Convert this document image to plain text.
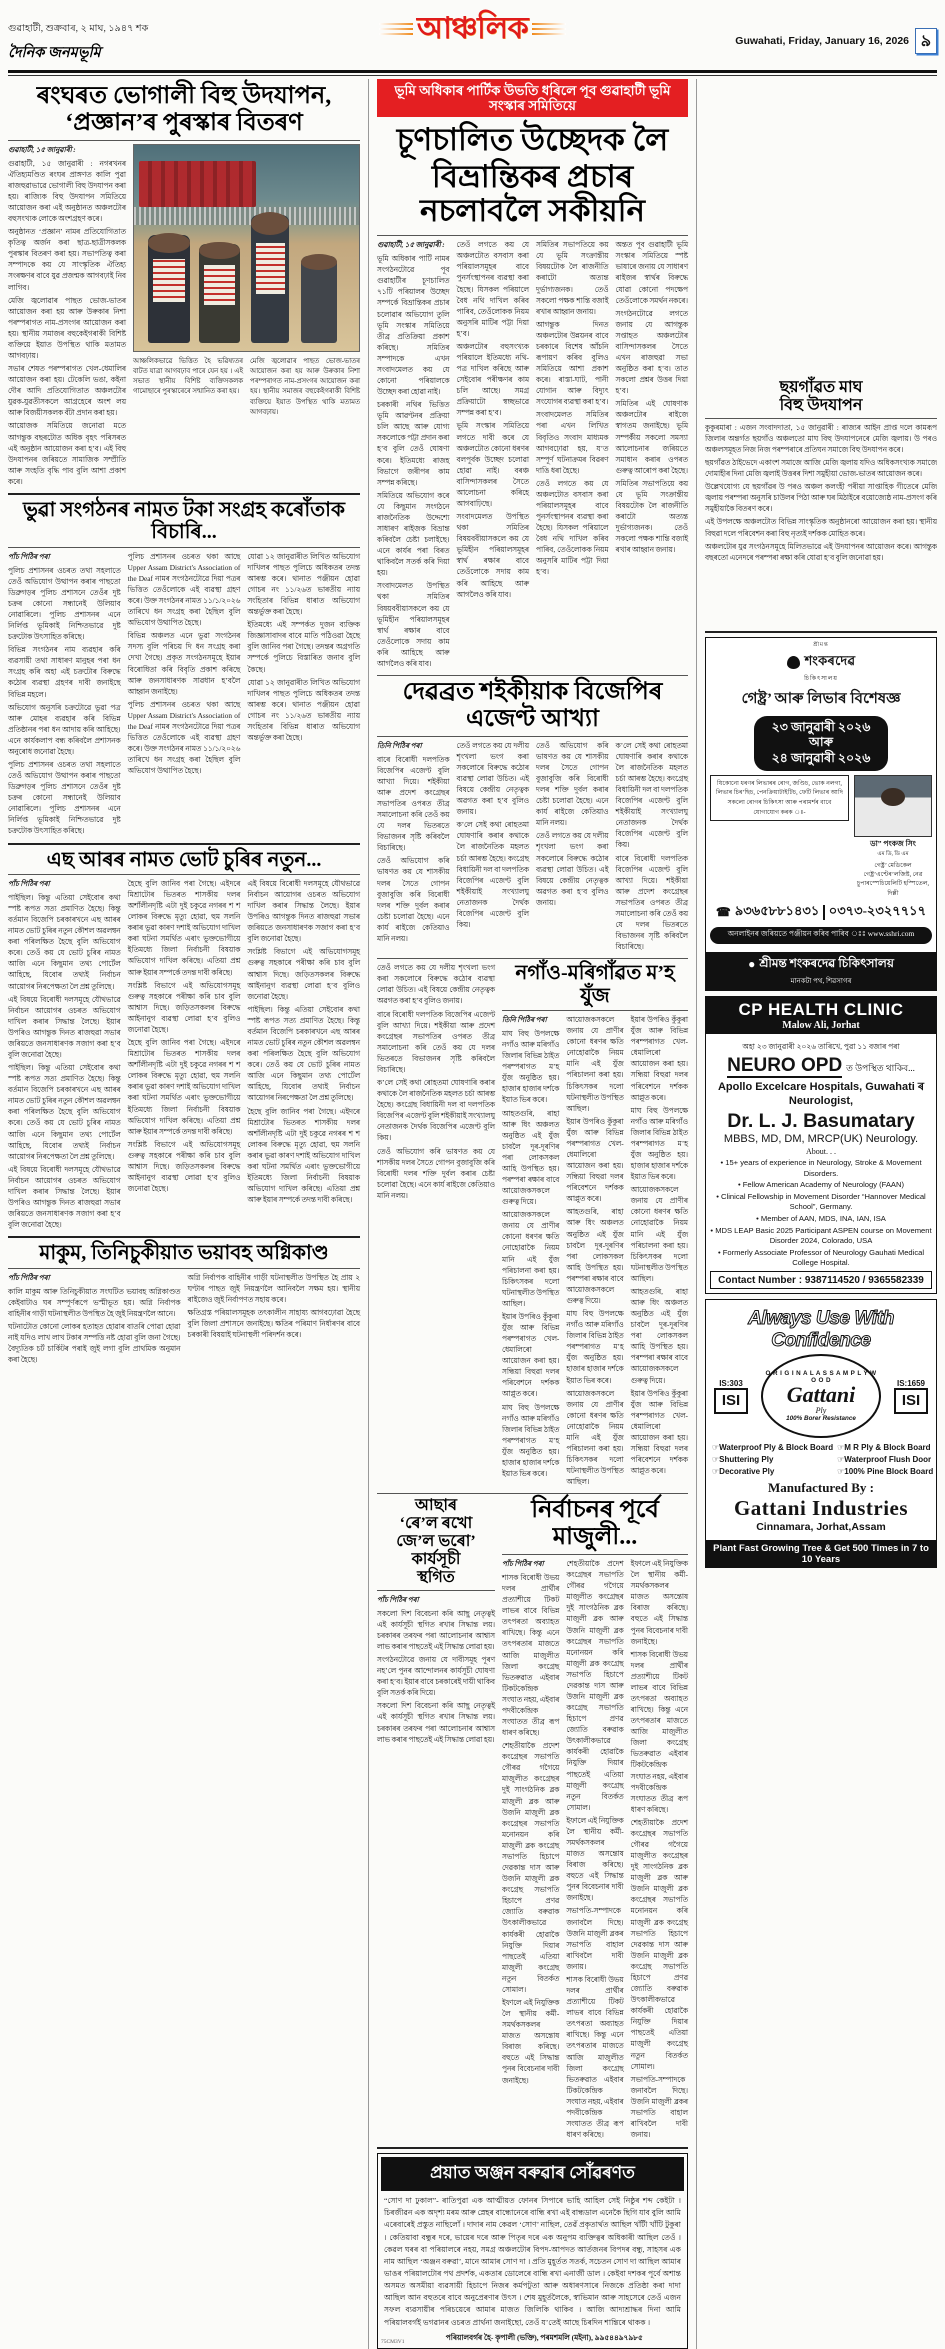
গুৱাহাটী, শুক্ৰবাৰ, ২ মাঘ, ১৯৪৭ শক
দৈনিক জনমভূমি
আঞ্চলিক	Guwahati, Friday, January 16, 2026 ৯
ৰংঘৰত ভোগালী বিহু উদযাপন, ‘প্ৰজ্ঞান’ৰ পুৰস্কাৰ বিতৰণ

গুৱাহাটী, ১৫ জানুৱাৰী :

গুৱাহাটী, ১৫ জানুৱাৰী : নগৰখনৰ ঐতিহ্যমণ্ডিত ৰংঘৰ প্ৰাঙ্গণত কালি পুৱা ৰাজহুৱাভাৱে ভোগালী বিহু উদযাপন কৰা হয়। ৰাজ্যিক বিহু উদযাপন সমিতিয়ে আয়োজন কৰা এই অনুষ্ঠানত অঞ্চলটোৰ বহুসংখ্যক লোকে অংশগ্ৰহণ কৰে।

অনুষ্ঠানত ‘প্ৰজ্ঞান’ নামৰ প্ৰতিযোগিতাত কৃতিত্ব অৰ্জন কৰা ছাত্ৰ-ছাত্ৰীসকলক পুৰস্কাৰ বিতৰণ কৰা হয়। সভাপতিত্ব কৰা সম্পাদকে কয় যে সাংস্কৃতিক ঐতিহ্য সংৰক্ষণৰ বাবে যুৱ প্ৰজন্মক আগবঢ়াই নিব লাগিব।

মেজি জ্বলোৱাৰ পাছত ভোজ-ভাতৰ আয়োজন কৰা হয় আৰু উৰুকাৰ নিশা পৰম্পৰাগত নাম-প্ৰসংগৰ আয়োজন কৰা হয়। স্থানীয় সমাজৰ বহুকেইগৰাকী বিশিষ্ট ব্যক্তিয়ে ইয়াত উপস্থিত থাকি মতামত আগবঢ়ায়।

সভাৰ শেষত পৰম্পৰাগত খেল-ধেমালিৰ আয়োজন কৰা হয়। টেকেলি ভঙা, কইনা দৌৰ আদি প্ৰতিযোগিতাত অঞ্চলটোৰ যুৱক-যুৱতীসকলে আগ্ৰহেৰে অংশ লয় আৰু বিজয়ীসকলক বঁটা প্ৰদান কৰা হয়।

আয়োজক সমিতিয়ে জনোৱা মতে আগন্তুক বছৰটোত অধিক বৃহৎ পৰিসৰত এই অনুষ্ঠান আয়োজন কৰা হ’ব। এই বিহু উদযাপনৰ জৰিয়তে সামাজিক সম্প্ৰীতি আৰু সংহতি বৃদ্ধি পাব বুলি আশা প্ৰকাশ কৰে।

আঞ্চলিকভাৱে ভিত্তিত হৈ ভৱিষ্যতৰ বাটত যাত্ৰা আগবঢ়াব পাৰে যেন হয় । এই সভাত স্থানীয় বিশিষ্ট ব্যক্তিসকলক গামোছাৰে পুৰস্কাৰেৰে সন্মানিত কৰা হয়।
মেজি জ্বলোৱাৰ পাছত ভোজ-ভাতৰ আয়োজন কৰা হয় আৰু উৰুকাৰ নিশা পৰম্পৰাগত নাম-প্ৰসংগৰ আয়োজন কৰা হয়। স্থানীয় সমাজৰ বহুকেইগৰাকী বিশিষ্ট ব্যক্তিয়ে ইয়াত উপস্থিত থাকি মতামত আগবঢ়ায়।
ভুৱা সংগঠনৰ নামত টকা সংগ্ৰহ কৰোঁতাক বিচাৰি...

পাঁচ পিঠিৰ পৰা

পুলিচ প্ৰশাসনৰ ওচৰত তথা সহলাতে তেওঁ অভিযোগ উত্থাপন কৰাৰ পাছতো ডিব্ৰুগড়ৰ পুলিচ প্ৰশাসনে তেওঁৰ দুষ্ট চক্ৰৰ কোনো সন্ধানেই উলিয়াব নোৱাৰিলে। পুলিচ প্ৰশাসনৰ এনে নিৰ্লিপ্ত ভূমিকাই নিশ্চিতভাৱে দুষ্ট চক্ৰটোক উৎসাহিত কৰিছে।

বিভিন্ন সংগঠনৰ নাম ব্যৱহাৰ কৰি ব্যৱসায়ী তথা সাধাৰণ মানুহৰ পৰা ধন সংগ্ৰহ কৰি অহা এই চক্ৰটোৰ বিৰুদ্ধে কঠোৰ ব্যৱস্থা গ্ৰহণৰ দাবী জনাইছে বিভিন্ন মহলে।

অভিযোগ অনুসৰি চক্ৰটোৱে ভুৱা পত্ৰ আৰু মোহৰ ব্যৱহাৰ কৰি বিভিন্ন প্ৰতিষ্ঠানৰ পৰা ধন আদায় কৰি আহিছে। এনে কাৰ্যকলাপ বন্ধ কৰিবলৈ প্ৰশাসনক অনুৰোধ জনোৱা হৈছে।

পুলিচ প্ৰশাসনৰ ওচৰত তথা সহলাতে তেওঁ অভিযোগ উত্থাপন কৰাৰ পাছতো ডিব্ৰুগড়ৰ পুলিচ প্ৰশাসনে তেওঁৰ দুষ্ট চক্ৰৰ কোনো সন্ধানেই উলিয়াব নোৱাৰিলে। পুলিচ প্ৰশাসনৰ এনে নিৰ্লিপ্ত ভূমিকাই নিশ্চিতভাৱে দুষ্ট চক্ৰটোক উৎসাহিত কৰিছে।

পুলিচ প্ৰশাসনৰ ওচৰত থকা আছে Upper Assam District's Association of the Deaf নামৰ সংগঠনটোৱে দিয়া পত্ৰৰ ভিত্তিত তেওঁলোকে এই ব্যৱস্থা গ্ৰহণ কৰে। উক্ত সংগঠনৰ নামত ১১/১/২০২৬ তাৰিখে ধন সংগ্ৰহ কৰা হৈছিল বুলি অভিযোগ উত্থাপিত হৈছে।

বিভিন্ন অঞ্চলত এনে ভুৱা সংগঠনৰ সদস্য বুলি পৰিচয় দি ধন সংগ্ৰহ কৰা দেখা গৈছে। প্ৰকৃত সংগঠনসমূহে ইয়াৰ বিৰোধিতা কৰি বিবৃতি প্ৰকাশ কৰিছে আৰু জনসাধাৰণক সাৱধান হ’বলৈ আহ্বান জনাইছে।

পুলিচ প্ৰশাসনৰ ওচৰত থকা আছে Upper Assam District's Association of the Deaf নামৰ সংগঠনটোৱে দিয়া পত্ৰৰ ভিত্তিত তেওঁলোকে এই ব্যৱস্থা গ্ৰহণ কৰে। উক্ত সংগঠনৰ নামত ১১/১/২০২৬ তাৰিখে ধন সংগ্ৰহ কৰা হৈছিল বুলি অভিযোগ উত্থাপিত হৈছে।

যোৱা ১২ জানুৱাৰীত লিখিত অভিযোগ দাখিলৰ পাছত পুলিচে অধিকতৰ তদন্ত আৰম্ভ কৰে। থানাত পঞ্জীয়ন হোৱা গোচৰ নং ১১/২৬ত ভাৰতীয় ন্যায় সংহিতাৰ বিভিন্ন ধাৰাত অভিযোগ অন্তৰ্ভুক্ত কৰা হৈছে।

ইতিমধ্যে এই সম্পৰ্কত দুজন ব্যক্তিক জিজ্ঞাসাবাদৰ বাবে মাতি পঠিওৱা হৈছে বুলি জানিব পৰা গৈছে। তদন্তৰ অগ্ৰগতি সম্পৰ্কে পুলিচে বিস্তাৰিত জনাব বুলি কৈছে।

যোৱা ১২ জানুৱাৰীত লিখিত অভিযোগ দাখিলৰ পাছত পুলিচে অধিকতৰ তদন্ত আৰম্ভ কৰে। থানাত পঞ্জীয়ন হোৱা গোচৰ নং ১১/২৬ত ভাৰতীয় ন্যায় সংহিতাৰ বিভিন্ন ধাৰাত অভিযোগ অন্তৰ্ভুক্ত কৰা হৈছে।

এছ আৰৰ নামত ভোট চুৰিৰ নতুন...

পাঁচ পিঠিৰ পৰা

পাইছিল। কিন্তু এতিয়া সেইবোৰ কথা স্পষ্ট ৰূপত সত্য প্ৰমাণিত হৈছে। কিন্তু বৰ্তমান বিজেপি চৰকাৰখনে এছ আৰৰ নামত ভোট চুৰিৰ নতুন কৌশল অৱলম্বন কৰা পৰিলক্ষিত হৈছে বুলি অভিযোগ কৰে। তেওঁ কয় যে ভোট চুৰিৰ নামত আজি এনে কিছুমান তথ্য পোৰ্টেল আহিছে, যিবোৰ তথ্যই নিৰ্বাচন আয়োগৰ নিৰপেক্ষতা লৈ প্ৰশ্ন তুলিছে।

এই বিষয়ে বিৰোধী দলসমূহে যৌথভাৱে নিৰ্বাচন আয়োগৰ ওচৰত অভিযোগ দাখিল কৰাৰ সিদ্ধান্ত লৈছে। ইয়াৰ উপৰিও আগন্তুক দিনত ৰাজহুৱা সভাৰ জৰিয়তে জনসাধাৰণক সজাগ কৰা হ’ব বুলি জনোৱা হৈছে।

পাইছিল। কিন্তু এতিয়া সেইবোৰ কথা স্পষ্ট ৰূপত সত্য প্ৰমাণিত হৈছে। কিন্তু বৰ্তমান বিজেপি চৰকাৰখনে এছ আৰৰ নামত ভোট চুৰিৰ নতুন কৌশল অৱলম্বন কৰা পৰিলক্ষিত হৈছে বুলি অভিযোগ কৰে। তেওঁ কয় যে ভোট চুৰিৰ নামত আজি এনে কিছুমান তথ্য পোৰ্টেল আহিছে, যিবোৰ তথ্যই নিৰ্বাচন আয়োগৰ নিৰপেক্ষতা লৈ প্ৰশ্ন তুলিছে।

এই বিষয়ে বিৰোধী দলসমূহে যৌথভাৱে নিৰ্বাচন আয়োগৰ ওচৰত অভিযোগ দাখিল কৰাৰ সিদ্ধান্ত লৈছে। ইয়াৰ উপৰিও আগন্তুক দিনত ৰাজহুৱা সভাৰ জৰিয়তে জনসাধাৰণক সজাগ কৰা হ’ব বুলি জনোৱা হৈছে।

হৈছে বুলি জানিব পৰা গৈছে। এইদৰে মিশ্ৰাটোৰ ভিতৰত শাসকীয় দলৰ অশাঁলীনদৃষ্টি এটা দুই চকুৱে নগৰৰ শ শ লোকৰ বিৰুদ্ধে মৃত্যু হোৱা, হুম সলনি কৰাৰ ভুৱা কাৰণ দশাই অভিযোগ দাখিল কৰা ঘটনা সমৰ্থিত এৰাং ভুক্তভোগীয়ে ইতিমধ্যে জিলা নিৰ্বাচনী বিষয়াক অভিযোগ দাখিল কৰিছে। এতিয়া প্ৰশ্ন আৰু ইয়াৰ সম্পৰ্কে তদন্ত দাবী কৰিছে।

সংশ্লিষ্ট বিভাগে এই অভিযোগসমূহ গুৰুত্ব সহকাৰে পৰীক্ষা কৰি চাব বুলি আশ্বাস দিছে। জড়িতসকলৰ বিৰুদ্ধে আইনানুগ ব্যৱস্থা লোৱা হ’ব বুলিও জনোৱা হৈছে।

হৈছে বুলি জানিব পৰা গৈছে। এইদৰে মিশ্ৰাটোৰ ভিতৰত শাসকীয় দলৰ অশাঁলীনদৃষ্টি এটা দুই চকুৱে নগৰৰ শ শ লোকৰ বিৰুদ্ধে মৃত্যু হোৱা, হুম সলনি কৰাৰ ভুৱা কাৰণ দশাই অভিযোগ দাখিল কৰা ঘটনা সমৰ্থিত এৰাং ভুক্তভোগীয়ে ইতিমধ্যে জিলা নিৰ্বাচনী বিষয়াক অভিযোগ দাখিল কৰিছে। এতিয়া প্ৰশ্ন আৰু ইয়াৰ সম্পৰ্কে তদন্ত দাবী কৰিছে।

সংশ্লিষ্ট বিভাগে এই অভিযোগসমূহ গুৰুত্ব সহকাৰে পৰীক্ষা কৰি চাব বুলি আশ্বাস দিছে। জড়িতসকলৰ বিৰুদ্ধে আইনানুগ ব্যৱস্থা লোৱা হ’ব বুলিও জনোৱা হৈছে।

এই বিষয়ে বিৰোধী দলসমূহে যৌথভাৱে নিৰ্বাচন আয়োগৰ ওচৰত অভিযোগ দাখিল কৰাৰ সিদ্ধান্ত লৈছে। ইয়াৰ উপৰিও আগন্তুক দিনত ৰাজহুৱা সভাৰ জৰিয়তে জনসাধাৰণক সজাগ কৰা হ’ব বুলি জনোৱা হৈছে।

সংশ্লিষ্ট বিভাগে এই অভিযোগসমূহ গুৰুত্ব সহকাৰে পৰীক্ষা কৰি চাব বুলি আশ্বাস দিছে। জড়িতসকলৰ বিৰুদ্ধে আইনানুগ ব্যৱস্থা লোৱা হ’ব বুলিও জনোৱা হৈছে।

পাইছিল। কিন্তু এতিয়া সেইবোৰ কথা স্পষ্ট ৰূপত সত্য প্ৰমাণিত হৈছে। কিন্তু বৰ্তমান বিজেপি চৰকাৰখনে এছ আৰৰ নামত ভোট চুৰিৰ নতুন কৌশল অৱলম্বন কৰা পৰিলক্ষিত হৈছে বুলি অভিযোগ কৰে। তেওঁ কয় যে ভোট চুৰিৰ নামত আজি এনে কিছুমান তথ্য পোৰ্টেল আহিছে, যিবোৰ তথ্যই নিৰ্বাচন আয়োগৰ নিৰপেক্ষতা লৈ প্ৰশ্ন তুলিছে।

হৈছে বুলি জানিব পৰা গৈছে। এইদৰে মিশ্ৰাটোৰ ভিতৰত শাসকীয় দলৰ অশাঁলীনদৃষ্টি এটা দুই চকুৱে নগৰৰ শ শ লোকৰ বিৰুদ্ধে মৃত্যু হোৱা, হুম সলনি কৰাৰ ভুৱা কাৰণ দশাই অভিযোগ দাখিল কৰা ঘটনা সমৰ্থিত এৰাং ভুক্তভোগীয়ে ইতিমধ্যে জিলা নিৰ্বাচনী বিষয়াক অভিযোগ দাখিল কৰিছে। এতিয়া প্ৰশ্ন আৰু ইয়াৰ সম্পৰ্কে তদন্ত দাবী কৰিছে।

মাকুম, তিনিচুকীয়াত ভয়াবহ অগ্নিকাণ্ড

পাঁচ পিঠিৰ পৰা

কালি মাকুম আৰু তিনিচুকীয়াত সংঘটিত ভয়াবহ অগ্নিকাণ্ডত কেইবাটাও ঘৰ সম্পূৰ্ণৰূপে ভস্মীভূত হয়। অগ্নি নিৰ্বাপক বাহিনীৰ গাড়ী ঘটনাস্থলীত উপস্থিত হৈ জুই নিয়ন্ত্ৰণলৈ আনে।

ঘটনাটোত কোনো লোকৰ হতাহত হোৱাৰ বাতৰি পোৱা হোৱা নাই যদিও লাখ লাখ টকাৰ সম্পত্তি নষ্ট হোৱা বুলি জনা গৈছে। বৈদ্যুতিক চৰ্ট চাৰ্কিটৰ পৰাই জুই লগা বুলি প্ৰাথমিক অনুমান কৰা হৈছে।

অগ্নি নিৰ্বাপক বাহিনীৰ গাড়ী ঘটনাস্থলীত উপস্থিত হৈ প্ৰায় ২ ঘণ্টাৰ পাছত জুই নিয়ন্ত্ৰণলৈ আনিবলৈ সক্ষম হয়। স্থানীয় ৰাইজেও জুই নিৰ্বাপণত সহায় কৰে।

ক্ষতিগ্ৰস্ত পৰিয়ালসমূহক তৎকালীন সাহায্য আগবঢ়োৱা হৈছে বুলি জিলা প্ৰশাসনে জনাইছে। ক্ষতিৰ পৰিমাণ নিৰ্ধাৰণৰ বাবে চৰকাৰী বিষয়াই ঘটনাস্থলী পৰিদৰ্শন কৰে।

ভূমি অধিকাৰ পাৰ্টিক উভতি ধৰিলে পূব গুৱাহাটী ভূমি সংস্কাৰ সমিতিয়ে
চূণচালিত উচ্ছেদক লৈ
বিভ্ৰান্তিকৰ প্ৰচাৰ নচলাবলৈ সকীয়নি

গুৱাহাটী, ১৫ জানুৱাৰী :

ভূমি অধিকাৰ পাৰ্টি নামৰ সংগঠনটোৱে পূব গুৱাহাটীৰ চূণচালিত ৭১টি পৰিয়ালৰ উচ্ছেদ সম্পৰ্কে বিভ্ৰান্তিকৰ প্ৰচাৰ চলোৱাৰ অভিযোগ তুলি ভূমি সংস্কাৰ সমিতিয়ে তীব্ৰ প্ৰতিক্ৰিয়া প্ৰকাশ কৰিছে। সমিতিৰ সম্পাদকে এখন সংবাদমেলত কয় যে কোনো পৰিয়ালকে উচ্ছেদ কৰা হোৱা নাই।

চৰকাৰী নথিৰ ভিত্তিত ভূমি আৱণ্টনৰ প্ৰক্ৰিয়া চলি আছে আৰু যোগ্য সকলোকে পট্টা প্ৰদান কৰা হ’ব বুলি তেওঁ ঘোষণা কৰে। ইতিমধ্যে ৰাজহ বিভাগে জৰীপৰ কাম সম্পন্ন কৰিছে।

সমিতিয়ে অভিযোগ কৰে যে কিছুমান সংগঠনে ৰাজনৈতিক উদ্দেশ্যে সাধাৰণ ৰাইজক বিভ্ৰান্ত কৰিবলৈ চেষ্টা চলাইছে। এনে কাৰ্যৰ পৰা বিৰত থাকিবলৈ সতৰ্ক কৰি দিয়া হয়।

সংবাদমেলত উপস্থিত থকা সমিতিৰ বিষয়ববীয়াসকলে কয় যে ভূমিহীন পৰিয়ালসমূহৰ স্বাৰ্থ ৰক্ষাৰ বাবে তেওঁলোকে সদায় কাম কৰি আহিছে আৰু আগলৈও কৰি যাব।

তেওঁ লগতে কয় যে অঞ্চলটোত বসবাস কৰা পৰিয়ালসমূহৰ বাবে পুনৰ্সংস্থাপনৰ ব্যৱস্থা কৰা হৈছে। যিসকল পৰিয়ালে বৈধ নথি দাখিল কৰিব পাৰিব, তেওঁলোকক নিয়ম অনুসৰি মাটিৰ পট্টা দিয়া হ’ব।

অঞ্চলটোৰ বহুসংখ্যক পৰিয়ালে ইতিমধ্যে নথি-পত্ৰ দাখিল কৰিছে আৰু সেইবোৰ পৰীক্ষণৰ কাম চলি আছে। সমগ্ৰ প্ৰক্ৰিয়াটো স্বচ্ছভাৱে সম্পন্ন কৰা হ’ব।

ভূমি সংস্কাৰ সমিতিয়ে লগতে দাবী কৰে যে অঞ্চলটোত কোনো ধৰণৰ বলপূৰ্বক উচ্ছেদ চলোৱা হোৱা নাই। বৰঞ্চ বাসিন্দাসকলৰ সৈতে আলোচনা কৰিহে আগবাঢ়িছে।

সংবাদমেলত উপস্থিত থকা সমিতিৰ বিষয়ববীয়াসকলে কয় যে ভূমিহীন পৰিয়ালসমূহৰ স্বাৰ্থ ৰক্ষাৰ বাবে তেওঁলোকে সদায় কাম কৰি আহিছে আৰু আগলৈও কৰি যাব।

সমিতিৰ সভাপতিয়ে কয় যে ভূমি সংক্ৰান্তীয় বিষয়টোক লৈ ৰাজনীতি কৰাটো অত্যন্ত দুৰ্ভাগ্যজনক। তেওঁ সকলো পক্ষক শান্তি বজাই ৰখাৰ আহ্বান জনায়।

আগন্তুক দিনত অঞ্চলটোৰ উন্নয়নৰ বাবে চৰকাৰে বিশেষ আঁচনি ৰূপায়ণ কৰিব বুলিও সমিতিয়ে আশা প্ৰকাশ কৰে। ৰাস্তা-ঘাট, পানী যোগান আৰু বিদ্যুৎ সংযোগৰ ব্যৱস্থা কৰা হ’ব।

সংবাদমেলত সমিতিৰ পৰা এখন লিখিত বিবৃতিও সংবাদ মাধ্যমক আগবঢ়োৱা হয়, য’ত সম্পূৰ্ণ ঘটনাক্ৰমৰ বিৱৰণ দাঙি ধৰা হৈছে।

তেওঁ লগতে কয় যে অঞ্চলটোত বসবাস কৰা পৰিয়ালসমূহৰ বাবে পুনৰ্সংস্থাপনৰ ব্যৱস্থা কৰা হৈছে। যিসকল পৰিয়ালে বৈধ নথি দাখিল কৰিব পাৰিব, তেওঁলোকক নিয়ম অনুসৰি মাটিৰ পট্টা দিয়া হ’ব।

অন্তত পূব গুৱাহাটী ভূমি সংস্কাৰ সমিতিয়ে স্পষ্ট ভাষাৰে জনায় যে সাধাৰণ ৰাইজৰ স্বাৰ্থৰ বিৰুদ্ধে যোৱা কোনো পদক্ষেপ তেওঁলোকে সমৰ্থন নকৰে।

সংগঠনটোৱে লগতে জনায় যে আগন্তুক সপ্তাহত অঞ্চলটোৰ বাসিন্দাসকলৰ সৈতে এখন ৰাজহুৱা সভা অনুষ্ঠিত কৰা হ’ব। তাত সকলো প্ৰশ্নৰ উত্তৰ দিয়া হ’ব।

সমিতিৰ এই ঘোষণাক অঞ্চলটোৰ ৰাইজে স্বাগতম জনাইছে। ভূমি সম্পৰ্কীয় সকলো সমস্যা আলোচনাৰ জৰিয়তে সমাধান কৰাৰ ওপৰত গুৰুত্ব আৰোপ কৰা হৈছে।

সমিতিৰ সভাপতিয়ে কয় যে ভূমি সংক্ৰান্তীয় বিষয়টোক লৈ ৰাজনীতি কৰাটো অত্যন্ত দুৰ্ভাগ্যজনক। তেওঁ সকলো পক্ষক শান্তি বজাই ৰখাৰ আহ্বান জনায়।

দেৱব্ৰত শইকীয়াক বিজেপিৰ এজেণ্ট আখ্যা

তিনি পিঠিৰ পৰা

বাৰে বিৰোধী দলপতিক বিজেপিৰ এজেণ্ট বুলি আখ্যা দিয়ে। শইকীয়া আৰু প্ৰদেশ কংগ্ৰেছৰ সভাপতিৰ ওপৰত তীব্ৰ সমালোচনা কৰি তেওঁ কয় যে দলৰ ভিতৰতে বিভাজনৰ সৃষ্টি কৰিবলৈ বিচাৰিছে।

তেওঁ অভিযোগ কৰি ভাষণত কয় যে শাসকীয় দলৰ সৈতে গোপন বুজাবুজি কৰি বিৰোধী দলৰ শক্তি দুৰ্বল কৰাৰ চেষ্টা চলোৱা হৈছে। এনে কাৰ্য ৰাইজে কেতিয়াও মানি নলয়।

তেওঁ লগতে কয় যে দলীয় শৃংখলা ভংগ কৰা সকলোৰে বিৰুদ্ধে কঠোৰ ব্যৱস্থা লোৱা উচিত। এই বিষয়ে কেন্দ্ৰীয় নেতৃত্বক অৱগত কৰা হ’ব বুলিও জনায়।

ক’লে সেই কথা ৰোহতমা ঘোষণাৰি কৰাৰ কথাকে লৈ ৰাজনৈতিক মহলত চৰ্চা আৰম্ভ হৈছে। কংগ্ৰেছ বিধায়িনী দল বা দলপতিক বিজেপিৰ এজেণ্ট বুলি শইকীয়াই সংখ্যালঘু নেতাজনক দৈৰ্থক বিজেপিৰ এজেণ্ট বুলি কিয়।

তেওঁ অভিযোগ কৰি ভাষণত কয় যে শাসকীয় দলৰ সৈতে গোপন বুজাবুজি কৰি বিৰোধী দলৰ শক্তি দুৰ্বল কৰাৰ চেষ্টা চলোৱা হৈছে। এনে কাৰ্য ৰাইজে কেতিয়াও মানি নলয়।

তেওঁ লগতে কয় যে দলীয় শৃংখলা ভংগ কৰা সকলোৰে বিৰুদ্ধে কঠোৰ ব্যৱস্থা লোৱা উচিত। এই বিষয়ে কেন্দ্ৰীয় নেতৃত্বক অৱগত কৰা হ’ব বুলিও জনায়।

ক’লে সেই কথা ৰোহতমা ঘোষণাৰি কৰাৰ কথাকে লৈ ৰাজনৈতিক মহলত চৰ্চা আৰম্ভ হৈছে। কংগ্ৰেছ বিধায়িনী দল বা দলপতিক বিজেপিৰ এজেণ্ট বুলি শইকীয়াই সংখ্যালঘু নেতাজনক দৈৰ্থক বিজেপিৰ এজেণ্ট বুলি কিয়।

বাৰে বিৰোধী দলপতিক বিজেপিৰ এজেণ্ট বুলি আখ্যা দিয়ে। শইকীয়া আৰু প্ৰদেশ কংগ্ৰেছৰ সভাপতিৰ ওপৰত তীব্ৰ সমালোচনা কৰি তেওঁ কয় যে দলৰ ভিতৰতে বিভাজনৰ সৃষ্টি কৰিবলৈ বিচাৰিছে।

তেওঁ লগতে কয় যে দলীয় শৃংখলা ভংগ কৰা সকলোৰে বিৰুদ্ধে কঠোৰ ব্যৱস্থা লোৱা উচিত। এই বিষয়ে কেন্দ্ৰীয় নেতৃত্বক অৱগত কৰা হ’ব বুলিও জনায়।

বাৰে বিৰোধী দলপতিক বিজেপিৰ এজেণ্ট বুলি আখ্যা দিয়ে। শইকীয়া আৰু প্ৰদেশ কংগ্ৰেছৰ সভাপতিৰ ওপৰত তীব্ৰ সমালোচনা কৰি তেওঁ কয় যে দলৰ ভিতৰতে বিভাজনৰ সৃষ্টি কৰিবলৈ বিচাৰিছে।

ক’লে সেই কথা ৰোহতমা ঘোষণাৰি কৰাৰ কথাকে লৈ ৰাজনৈতিক মহলত চৰ্চা আৰম্ভ হৈছে। কংগ্ৰেছ বিধায়িনী দল বা দলপতিক বিজেপিৰ এজেণ্ট বুলি শইকীয়াই সংখ্যালঘু নেতাজনক দৈৰ্থক বিজেপিৰ এজেণ্ট বুলি কিয়।

তেওঁ অভিযোগ কৰি ভাষণত কয় যে শাসকীয় দলৰ সৈতে গোপন বুজাবুজি কৰি বিৰোধী দলৰ শক্তি দুৰ্বল কৰাৰ চেষ্টা চলোৱা হৈছে। এনে কাৰ্য ৰাইজে কেতিয়াও মানি নলয়।

নগাঁও-মৰিগাঁৱত ম’হ যুঁজ

তিনি পিঠিৰ পৰা

মাঘ বিহু উপলক্ষে নগাঁও আৰু মৰিগাঁও জিলাৰ বিভিন্ন ঠাইত পৰম্পৰাগত ম’হ যুঁজ অনুষ্ঠিত হয়। হাজাৰ হাজাৰ দৰ্শকে ইয়াত ভিৰ কৰে।

আহতগুৰি, ৰাহা আৰু ধিং অঞ্চলত অনুষ্ঠিত এই যুঁজ চাবলৈ দূৰ-দূৰণিৰ পৰা লোকসকল আহি উপস্থিত হয়। পৰম্পৰা ৰক্ষাৰ বাবে আয়োজকসকলে গুৰুত্ব দিয়ে।

আয়োজকসকলে জনায় যে প্ৰাণীৰ কোনো ধৰণৰ ক্ষতি নোহোৱাকৈ নিয়ম মানি এই যুঁজ পৰিচালনা কৰা হয়। চিকিৎসকৰ দলো ঘটনাস্থলীত উপস্থিত আছিল।

ইয়াৰ উপৰিও কুঁকুৰা যুঁজ আৰু বিভিন্ন পৰম্পৰাগত খেল-ধেমালিৰো আয়োজন কৰা হয়। সন্ধিয়া বিহুৱা দলৰ পৰিবেশনে দৰ্শকক আপ্লুত কৰে।

মাঘ বিহু উপলক্ষে নগাঁও আৰু মৰিগাঁও জিলাৰ বিভিন্ন ঠাইত পৰম্পৰাগত ম’হ যুঁজ অনুষ্ঠিত হয়। হাজাৰ হাজাৰ দৰ্শকে ইয়াত ভিৰ কৰে।

আয়োজকসকলে জনায় যে প্ৰাণীৰ কোনো ধৰণৰ ক্ষতি নোহোৱাকৈ নিয়ম মানি এই যুঁজ পৰিচালনা কৰা হয়। চিকিৎসকৰ দলো ঘটনাস্থলীত উপস্থিত আছিল।

ইয়াৰ উপৰিও কুঁকুৰা যুঁজ আৰু বিভিন্ন পৰম্পৰাগত খেল-ধেমালিৰো আয়োজন কৰা হয়। সন্ধিয়া বিহুৱা দলৰ পৰিবেশনে দৰ্শকক আপ্লুত কৰে।

আহতগুৰি, ৰাহা আৰু ধিং অঞ্চলত অনুষ্ঠিত এই যুঁজ চাবলৈ দূৰ-দূৰণিৰ পৰা লোকসকল আহি উপস্থিত হয়। পৰম্পৰা ৰক্ষাৰ বাবে আয়োজকসকলে গুৰুত্ব দিয়ে।

মাঘ বিহু উপলক্ষে নগাঁও আৰু মৰিগাঁও জিলাৰ বিভিন্ন ঠাইত পৰম্পৰাগত ম’হ যুঁজ অনুষ্ঠিত হয়। হাজাৰ হাজাৰ দৰ্শকে ইয়াত ভিৰ কৰে।

আয়োজকসকলে জনায় যে প্ৰাণীৰ কোনো ধৰণৰ ক্ষতি নোহোৱাকৈ নিয়ম মানি এই যুঁজ পৰিচালনা কৰা হয়। চিকিৎসকৰ দলো ঘটনাস্থলীত উপস্থিত আছিল।

ইয়াৰ উপৰিও কুঁকুৰা যুঁজ আৰু বিভিন্ন পৰম্পৰাগত খেল-ধেমালিৰো আয়োজন কৰা হয়। সন্ধিয়া বিহুৱা দলৰ পৰিবেশনে দৰ্শকক আপ্লুত কৰে।

মাঘ বিহু উপলক্ষে নগাঁও আৰু মৰিগাঁও জিলাৰ বিভিন্ন ঠাইত পৰম্পৰাগত ম’হ যুঁজ অনুষ্ঠিত হয়। হাজাৰ হাজাৰ দৰ্শকে ইয়াত ভিৰ কৰে।

আয়োজকসকলে জনায় যে প্ৰাণীৰ কোনো ধৰণৰ ক্ষতি নোহোৱাকৈ নিয়ম মানি এই যুঁজ পৰিচালনা কৰা হয়। চিকিৎসকৰ দলো ঘটনাস্থলীত উপস্থিত আছিল।

আহতগুৰি, ৰাহা আৰু ধিং অঞ্চলত অনুষ্ঠিত এই যুঁজ চাবলৈ দূৰ-দূৰণিৰ পৰা লোকসকল আহি উপস্থিত হয়। পৰম্পৰা ৰক্ষাৰ বাবে আয়োজকসকলে গুৰুত্ব দিয়ে।

ইয়াৰ উপৰিও কুঁকুৰা যুঁজ আৰু বিভিন্ন পৰম্পৰাগত খেল-ধেমালিৰো আয়োজন কৰা হয়। সন্ধিয়া বিহুৱা দলৰ পৰিবেশনে দৰ্শকক আপ্লুত কৰে।

আছাৰ
‘ৰে’ল ৰখো
জে’ল ভৰো’
কাৰ্যসূচী
স্থগিত

পাঁচ পিঠিৰ পৰা

সকলো দিশ বিবেচনা কৰি আছু নেতৃত্বই এই কাৰ্যসূচী স্থগিত ৰখাৰ সিদ্ধান্ত লয়। চৰকাৰৰ তৰফৰ পৰা আলোচনাৰ আশ্বাস লাভ কৰাৰ পাছতেই এই সিদ্ধান্ত লোৱা হয়।

সংগঠনটোৱে জনায় যে দাবীসমূহ পূৰণ নহ’লে পুনৰ আন্দোলনৰ কাৰ্যসূচী ঘোষণা কৰা হ’ব। ইয়াৰ বাবে চৰকাৰেই দায়ী থাকিব বুলি সতৰ্ক কৰি দিয়ে।

সকলো দিশ বিবেচনা কৰি আছু নেতৃত্বই এই কাৰ্যসূচী স্থগিত ৰখাৰ সিদ্ধান্ত লয়। চৰকাৰৰ তৰফৰ পৰা আলোচনাৰ আশ্বাস লাভ কৰাৰ পাছতেই এই সিদ্ধান্ত লোৱা হয়।

নিৰ্বাচনৰ পূৰ্বে মাজুলী...

পাঁচ পিঠিৰ পৰা

শাসক বিৰোধী উভয় দলৰ প্ৰাৰ্থীৰ প্ৰত্যাশীয়ে টিকট লাভৰ বাবে বিভিন্ন তৎপৰতা অব্যাহত ৰাখিছে। কিন্তু এনে তৎপৰতাৰ মাজতে আজি মাজুলীত জিলা কংগ্ৰেছ ভিতৰুৱাত এইবাৰ টিকটকেন্দ্ৰিক সংঘাত নহয়, এইবাৰ পদবীকেন্দ্ৰিক সংঘাতত তীব্ৰ ৰূপ ধাৰণ কৰিছে।

শেহতীয়াকৈ প্ৰদেশ কংগ্ৰেছৰ সভাপতি গৌৰৱ গগৈয়ে মাজুলীত কংগ্ৰেছৰ দুই সাংগঠনিক ব্লক মাজুলী ব্লক আৰু উজনি মাজুলী ব্লক কংগ্ৰেছৰ সভাপতি মনোনয়ন কৰি মাজুলী ব্লক কংগ্ৰেছ সভাপতি হিচাপে দেৱকান্ত দাস আৰু উজনি মাজুলী ব্লক কংগ্ৰেছ সভাপতি হিচাপে প্ৰণৱ জ্যোতি বৰুৱাক উৎকালীকভাৱে কাৰ্যকৰী হোৱাকৈ নিযুক্তি দিয়াৰ পাছতেই এতিয়া মাজুলী কংগ্ৰেছ নতুন বিতৰ্কত সোমাল।

ইফালে এই নিযুক্তিক লৈ স্থানীয় কৰ্মী-সমৰ্থকসকলৰ মাজত অসন্তোষ বিৰাজ কৰিছে। বহুতে এই সিদ্ধান্ত পুনৰ বিবেচনাৰ দাবী জনাইছে।

শেহতীয়াকৈ প্ৰদেশ কংগ্ৰেছৰ সভাপতি গৌৰৱ গগৈয়ে মাজুলীত কংগ্ৰেছৰ দুই সাংগঠনিক ব্লক মাজুলী ব্লক আৰু উজনি মাজুলী ব্লক কংগ্ৰেছৰ সভাপতি মনোনয়ন কৰি মাজুলী ব্লক কংগ্ৰেছ সভাপতি হিচাপে দেৱকান্ত দাস আৰু উজনি মাজুলী ব্লক কংগ্ৰেছ সভাপতি হিচাপে প্ৰণৱ জ্যোতি বৰুৱাক উৎকালীকভাৱে কাৰ্যকৰী হোৱাকৈ নিযুক্তি দিয়াৰ পাছতেই এতিয়া মাজুলী কংগ্ৰেছ নতুন বিতৰ্কত সোমাল।

ইফালে এই নিযুক্তিক লৈ স্থানীয় কৰ্মী-সমৰ্থকসকলৰ মাজত অসন্তোষ বিৰাজ কৰিছে। বহুতে এই সিদ্ধান্ত পুনৰ বিবেচনাৰ দাবী জনাইছে।

সভাপতি-সম্পাদকে জনাবলৈ দিছে। উজনি মাজুলী ব্লকৰ সভাপতি বাহাল ৰাখিবলৈ দাবী জনায়।

শাসক বিৰোধী উভয় দলৰ প্ৰাৰ্থীৰ প্ৰত্যাশীয়ে টিকট লাভৰ বাবে বিভিন্ন তৎপৰতা অব্যাহত ৰাখিছে। কিন্তু এনে তৎপৰতাৰ মাজতে আজি মাজুলীত জিলা কংগ্ৰেছ ভিতৰুৱাত এইবাৰ টিকটকেন্দ্ৰিক সংঘাত নহয়, এইবাৰ পদবীকেন্দ্ৰিক সংঘাতত তীব্ৰ ৰূপ ধাৰণ কৰিছে।

ইফালে এই নিযুক্তিক লৈ স্থানীয় কৰ্মী-সমৰ্থকসকলৰ মাজত অসন্তোষ বিৰাজ কৰিছে। বহুতে এই সিদ্ধান্ত পুনৰ বিবেচনাৰ দাবী জনাইছে।

শাসক বিৰোধী উভয় দলৰ প্ৰাৰ্থীৰ প্ৰত্যাশীয়ে টিকট লাভৰ বাবে বিভিন্ন তৎপৰতা অব্যাহত ৰাখিছে। কিন্তু এনে তৎপৰতাৰ মাজতে আজি মাজুলীত জিলা কংগ্ৰেছ ভিতৰুৱাত এইবাৰ টিকটকেন্দ্ৰিক সংঘাত নহয়, এইবাৰ পদবীকেন্দ্ৰিক সংঘাতত তীব্ৰ ৰূপ ধাৰণ কৰিছে।

শেহতীয়াকৈ প্ৰদেশ কংগ্ৰেছৰ সভাপতি গৌৰৱ গগৈয়ে মাজুলীত কংগ্ৰেছৰ দুই সাংগঠনিক ব্লক মাজুলী ব্লক আৰু উজনি মাজুলী ব্লক কংগ্ৰেছৰ সভাপতি মনোনয়ন কৰি মাজুলী ব্লক কংগ্ৰেছ সভাপতি হিচাপে দেৱকান্ত দাস আৰু উজনি মাজুলী ব্লক কংগ্ৰেছ সভাপতি হিচাপে প্ৰণৱ জ্যোতি বৰুৱাক উৎকালীকভাৱে কাৰ্যকৰী হোৱাকৈ নিযুক্তি দিয়াৰ পাছতেই এতিয়া মাজুলী কংগ্ৰেছ নতুন বিতৰ্কত সোমাল।

সভাপতি-সম্পাদকে জনাবলৈ দিছে। উজনি মাজুলী ব্লকৰ সভাপতি বাহাল ৰাখিবলৈ দাবী জনায়।

প্ৰয়াত অঞ্জন বৰুৱাৰ সোঁৱৰণত
“সোণ দা ঢুকাল”- ৰাতিপুৱা এক আত্মীয়ত ফোনৰ সিপাৰে ভাহি আহিল সেই নিষ্ঠুৰ শব্দ কেইটা । চিৰজীৱন এক অদৃশ্য মৰম আৰু স্নেহৰ বান্ধোনেৰে বান্ধি ৰখা এই বান্ধডাল এনেকৈ ছিগি যাব বুলি আমি এৰেবাৰেই প্ৰস্তুত নাছিলোঁ । দাদাৰ নাম কেৱল ‘সোণ’ নাছিল, তেৱঁ প্ৰকৃতাৰ্থত আছিল খাঁটী খাঁটি টুকুৰা । কেতিয়াবা বন্ধুৰ দৰে, ভায়েৰ দৰে আৰু পিতৃৰ দৰে এক অনুপম ব্যক্তিত্বৰ অধিকাৰী আছিল তেওঁ । কেৱল ঘৰৰ বা পৰিয়ালৰে নহয়, সমগ্ৰ অঞ্চলটোৰ বিপদ-আপদত আৰ্তজনৰ বিপদৰ বন্ধু, সাহসৰ এক নাম আছিল ‘অঞ্জন বৰুৱা’, মানে আমাৰ সোণ দা । প্ৰতি মুহূৰ্তত সতৰ্ক, সচেতন সোণ দা আছিল আমাৰ ভাঙৰ পৰিয়ালটোৰ পথ প্ৰদৰ্শক, একতাৰ ডোলেৰে বান্ধি ৰখা এনাৰ্জী ডাল । কেইবা দশকৰ পূৰ্বে অশান্ত অসমত অসমীয়া ব্যৱসায়ী হিচাপে নিজৰ কৰ্মপটুতা আৰু অধাৰণসাৰে নিজকে প্ৰতিষ্ঠা কৰা দাদা আছিল আন বহুতৰে বাবে অনুপ্ৰেৰণাৰ উৎস । শেষ মুহূৰ্তলৈকে, স্বাভিমান আৰু সাহসেৰে তেওঁ এজন সফল ব্যৱসায়ীৰ পৰিচয়েৰে আমাৰ মাজত জিলিকি থাকিব । আজি আদ্যশ্ৰাদ্ধৰ দিনা আমি পৰিয়ালবৰ্গই ভগৱানৰ ওচৰত প্ৰাৰ্থনা জনাইছো, তেওঁ য’তেই আছে চিৰদিন শান্তিৰে থাকক ।
75CM3V1	পৰিয়ালবৰ্গৰ হৈ- কৃপালী (ভক্তি), পৰমশমলি (মইনা), ৯৯৫৪৪৯৭৯৮৫
ছয়গাঁৱত মাঘ
বিহু উদযাপন

কুকুৰমাৰা : এজন সংবাদদাতা, ১৫ জানুৱাৰী : ৰাজ্যৰ আইন প্ৰাপ্ত দলে কামৰূপ জিলাৰ অন্তৰ্গত ছয়গাঁও অঞ্চলতো মাঘ বিহু উদযাপনেৰে মেজি জ্বলায়। উ পৰও অঞ্চলসমূহত নিজ নিজ পৰম্পৰাৰে প্ৰতিঘন সমাজে বিহু উদযাপন কৰে।

ছয়গাঁৱত ঠাইভেদে একাংশ সমাজে আজি মেজি জ্বলায় যদিও অধিকসংখ্যক সমাজে দোমাহীৰ দিনা মেজি জ্বলাই উত্তৰৰ দিশা সমুহীয়া ভোজ-ভাতৰ আয়োজন কৰে।

উল্লেখযোগ্য যে ছয়গাঁৱৰ উ পৰও অঞ্চল কলংহী পৰীয়া সাপ্তাহিক গীতেৰে মেজি জ্বলায় পৰম্পৰা অনুসৰি চাউলৰ পিঠা আৰু ঘৰ মিঠাইৰে বয়োজ্যেষ্ঠ নাম-প্ৰসংগ কৰি সমুহীয়াকৈ বিতৰণ কৰে।

এই উপলক্ষে অঞ্চলটোত বিভিন্ন সাংস্কৃতিক অনুষ্ঠানৰো আয়োজন কৰা হয়। স্থানীয় বিহুৱা দলে পৰিবেশন কৰা বিহু নৃত্যই দৰ্শকক মোহিত কৰে।

অঞ্চলটোৰ যুৱ সংগঠনসমূহে মিলিতভাৱে এই উদযাপনৰ আয়োজন কৰে। আগন্তুক বছৰতো এনেদৰে পৰম্পৰা ৰক্ষা কৰি যোৱা হ’ব বুলি জনোৱা হয়।

শ্ৰীমন্ত
শংকৰদেৱ
চিকিৎসালয়
গেষ্ট্ৰ’ আৰু লিভাৰ বিশেষজ্ঞ
২৩ জানুৱাৰী ২০২৬ আৰু
২৪ জানুৱাৰী ২০২৬
যিকোনো ধৰণৰ লিভাৰৰ ৰোগ, জণ্ডিচ, ভোক নলগা, লিভাৰ চিৰ’ছিচ, পেনক্ৰিয়াটাইটিচ, ফেটি লিভাৰ আদি সকলো ৰোগৰ চিকিৎসা আৰু পৰামৰ্শৰ বাবে যোগাযোগ কৰক ঃ-
ডা” পংকজ সিং
এম ডি, ডি এম
গেষ্ট্ৰ’ মেডিকেল গেষ্ট্ৰ’এণ্টেৰ’লজিষ্ট, নেৱ চুপাৰস্পেচিয়েলিটি হস্পিতেল, দিল্লী
☎ ৯৩৬৫৮৮১৪৩১ ০৩৭৩-২৩২৭৭১৭
অনলাইনৰ জৰিয়তে পঞ্জীয়ন কৰিব পাৰিব ঃঃ www.sshri.com
● শ্ৰীমন্ত শংকৰদেৱ চিকিৎসালয়
মানকটা পথ, শিৱসাগৰ
CP HEALTH CLINIC
Malow Ali, Jorhat
অহা ২৩ জানুৱাৰী ২০২৬ তাৰিখে, পুৱা ১১ বজাৰ পৰা
NEURO OPD ত উপস্থিত থাকিব...
Apollo Excelcare Hospitals, Guwahati ৰ
Neurologist,
Dr. L. J. Basumatary
MBBS, MD, DM, MRCP(UK) Neurology.
About. . .
• 15+ years of experience in Neurology, Stroke & Movement Disorders.
• Fellow American Academy of Neurology (FAAN)
• Clinical Fellowship in Movement Disorder “Hannover Medical School”, Germany.
• Member of AAN, MDS, INA, IAN, ISA
• MDS LEAP Basic 2025 Participant ASPEN course on Movement Disorder 2024, Colorado, USA
• Formerly Associate Professor of Neurology Gauhati Medical College Hospital.
Contact Number : 9387114520 / 9365582339
Always Use With Confidence
IS:303
ISI
O R I G I N A L A S S A M P L Y W O O D
Gattani
Ply
100% Borer Resistance
IS:1659
ISI
☞ Waterproof Ply & Block Board
☞ Shuttering Ply
☞ Decorative Ply
☞ M R Ply & Block Board
☞ Waterproof Flush Door
☞ 100% Pine Block Board
Manufactured By :
Gattani Industries
Cinnamara, Jorhat,Assam
Plant Fast Growing Tree & Get 500 Times in 7 to 10 Years
